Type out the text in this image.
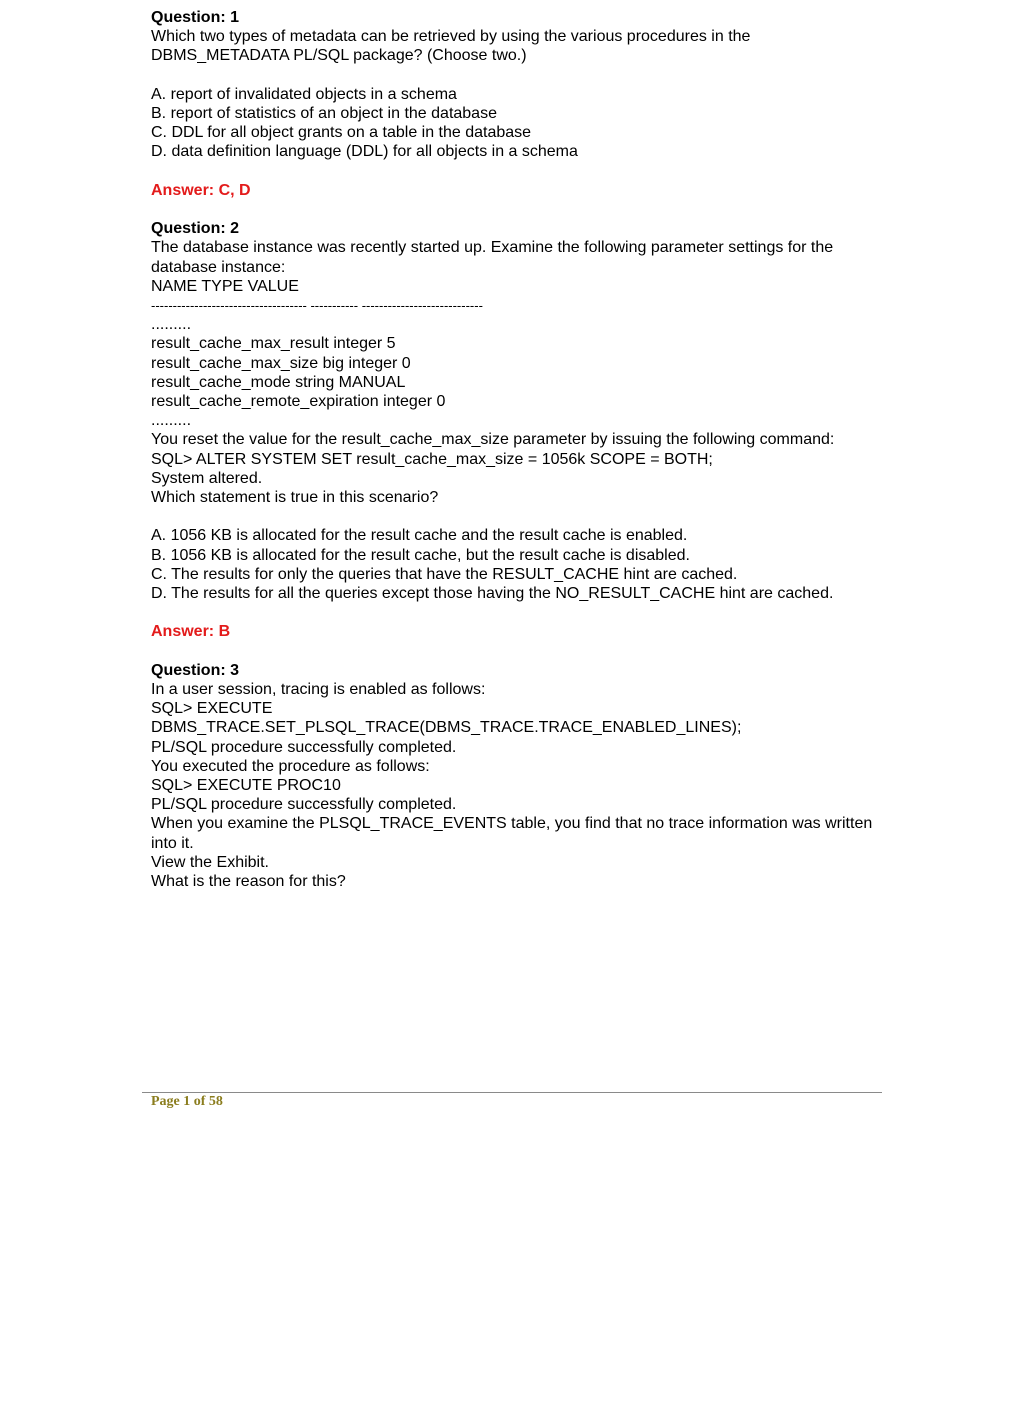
Question: 1
Which two types of metadata can be retrieved by using the various procedures in the DBMS_METADATA PL/SQL package? (Choose two.)
A. report of invalidated objects in a schema
B. report of statistics of an object in the database
C. DDL for all object grants on a table in the database
D. data definition language (DDL) for all objects in a schema
Answer: C, D
Question: 2
The database instance was recently started up. Examine the following parameter settings for the database instance:
NAME TYPE VALUE
------------------------------------ ----------- ----------------------------
.........
result_cache_max_result integer 5
result_cache_max_size big integer 0
result_cache_mode string MANUAL
result_cache_remote_expiration integer 0
.........
You reset the value for the result_cache_max_size parameter by issuing the following command:
SQL> ALTER SYSTEM SET result_cache_max_size = 1056k SCOPE = BOTH;
System altered.
Which statement is true in this scenario?
A. 1056 KB is allocated for the result cache and the result cache is enabled.
B. 1056 KB is allocated for the result cache, but the result cache is disabled.
C. The results for only the queries that have the RESULT_CACHE hint are cached.
D. The results for all the queries except those having the NO_RESULT_CACHE hint are cached.
Answer: B
Question: 3
In a user session, tracing is enabled as follows:
SQL> EXECUTE
DBMS_TRACE.SET_PLSQL_TRACE(DBMS_TRACE.TRACE_ENABLED_LINES);
PL/SQL procedure successfully completed.
You executed the procedure as follows:
SQL> EXECUTE PROC10
PL/SQL procedure successfully completed.
When you examine the PLSQL_TRACE_EVENTS table, you find that no trace information was written into it.
View the Exhibit.
What is the reason for this?
Page 1 of 58
